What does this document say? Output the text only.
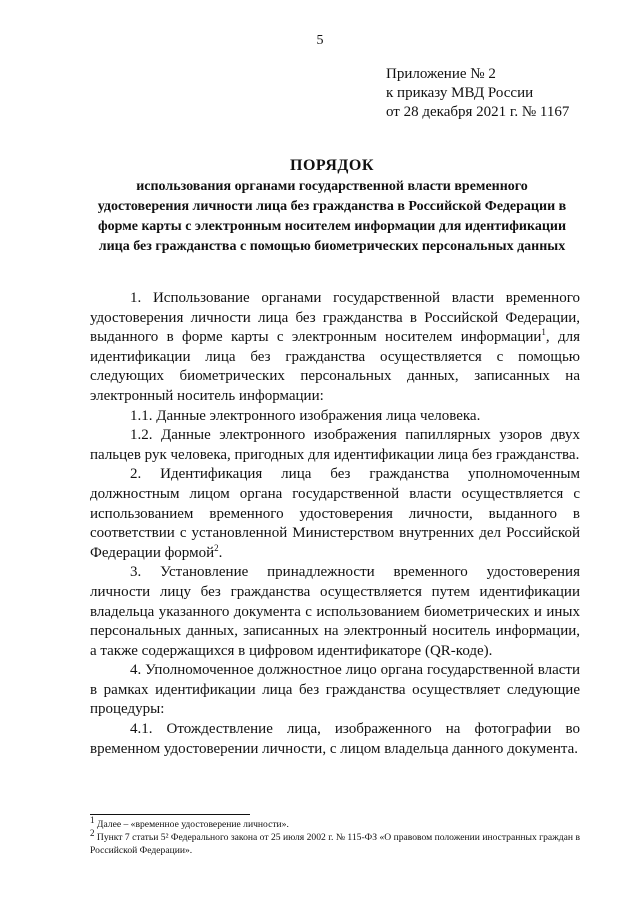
5
Приложение № 2
к приказу МВД России
от 28 декабря 2021 г. № 1167
ПОРЯДОК
использования органами государственной власти временного удостоверения личности лица без гражданства в Российской Федерации в форме карты с электронным носителем информации для идентификации лица без гражданства с помощью биометрических персональных данных

1. Использование органами государственной власти временного удостоверения личности лица без гражданства в Российской Федерации, выданного в форме карты с электронным носителем информации$^1$, для идентификации лица без гражданства осуществляется с помощью следующих биометрических персональных данных, записанных на электронный носитель информации:

1.1. Данные электронного изображения лица человека.

1.2. Данные электронного изображения папиллярных узоров двух пальцев рук человека, пригодных для идентификации лица без гражданства.

2. Идентификация лица без гражданства уполномоченным должностным лицом органа государственной власти осуществляется с использованием временного удостоверения личности, выданного в соответствии с установленной Министерством внутренних дел Российской Федерации формой$^2$.

3. Установление принадлежности временного удостоверения личности лицу без гражданства осуществляется путем идентификации владельца указанного документа с использованием биометрических и иных персональных данных, записанных на электронный носитель информации, а также содержащихся в цифровом идентификаторе (QR-коде).

4. Уполномоченное должностное лицо органа государственной власти в рамках идентификации лица без гражданства осуществляет следующие процедуры:

4.1. Отождествление лица, изображенного на фотографии во временном удостоверении личности, с лицом владельца данного документа.

$^1$ Далее – «временное удостоверение личности».

$^2$ Пункт 7 статьи 5² Федерального закона от 25 июля 2002 г. № 115-ФЗ «О правовом положении иностранных граждан в Российской Федерации».
